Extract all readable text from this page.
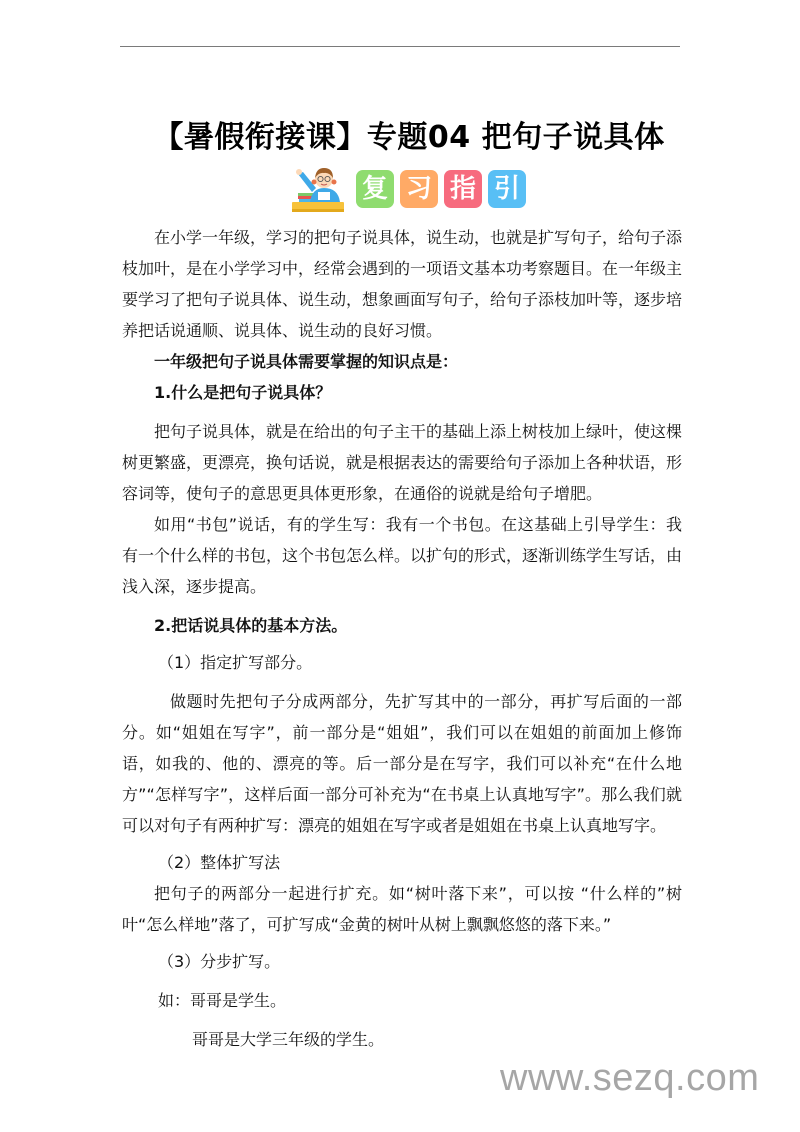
【暑假衔接课】专题04 把句子说具体
复 习 指 引

在小学一年级，学习的把句子说具体，说生动，也就是扩写句子，给句子添枝加叶，是在小学学习中，经常会遇到的一项语文基本功考察题目。在一年级主要学习了把句子说具体、说生动，想象画面写句子，给句子添枝加叶等，逐步培养把话说通顺、说具体、说生动的良好习惯。

一年级把句子说具体需要掌握的知识点是：

1.什么是把句子说具体？

把句子说具体，就是在给出的句子主干的基础上添上树枝加上绿叶，使这棵树更繁盛，更漂亮，换句话说，就是根据表达的需要给句子添加上各种状语，形容词等，使句子的意思更具体更形象，在通俗的说就是给句子增肥。

如用“书包”说话，有的学生写：我有一个书包。在这基础上引导学生：我有一个什么样的书包，这个书包怎么样。以扩句的形式，逐渐训练学生写话，由浅入深，逐步提高。

2.把话说具体的基本方法。

（1）指定扩写部分。

做题时先把句子分成两部分，先扩写其中的一部分，再扩写后面的一部分。如“姐姐在写字”，前一部分是“姐姐”，我们可以在姐姐的前面加上修饰语，如我的、他的、漂亮的等。后一部分是在写字，我们可以补充“在什么地方”“怎样写字”，这样后面一部分可补充为“在书桌上认真地写字”。那么我们就可以对句子有两种扩写：漂亮的姐姐在写字或者是姐姐在书桌上认真地写字。

（2）整体扩写法

把句子的两部分一起进行扩充。如“树叶落下来”，可以按 “什么样的”树叶“怎么样地”落了，可扩写成“金黄的树叶从树上飘飘悠悠的落下来。”

（3）分步扩写。

如：哥哥是学生。

哥哥是大学三年级的学生。

www.sezq.com
